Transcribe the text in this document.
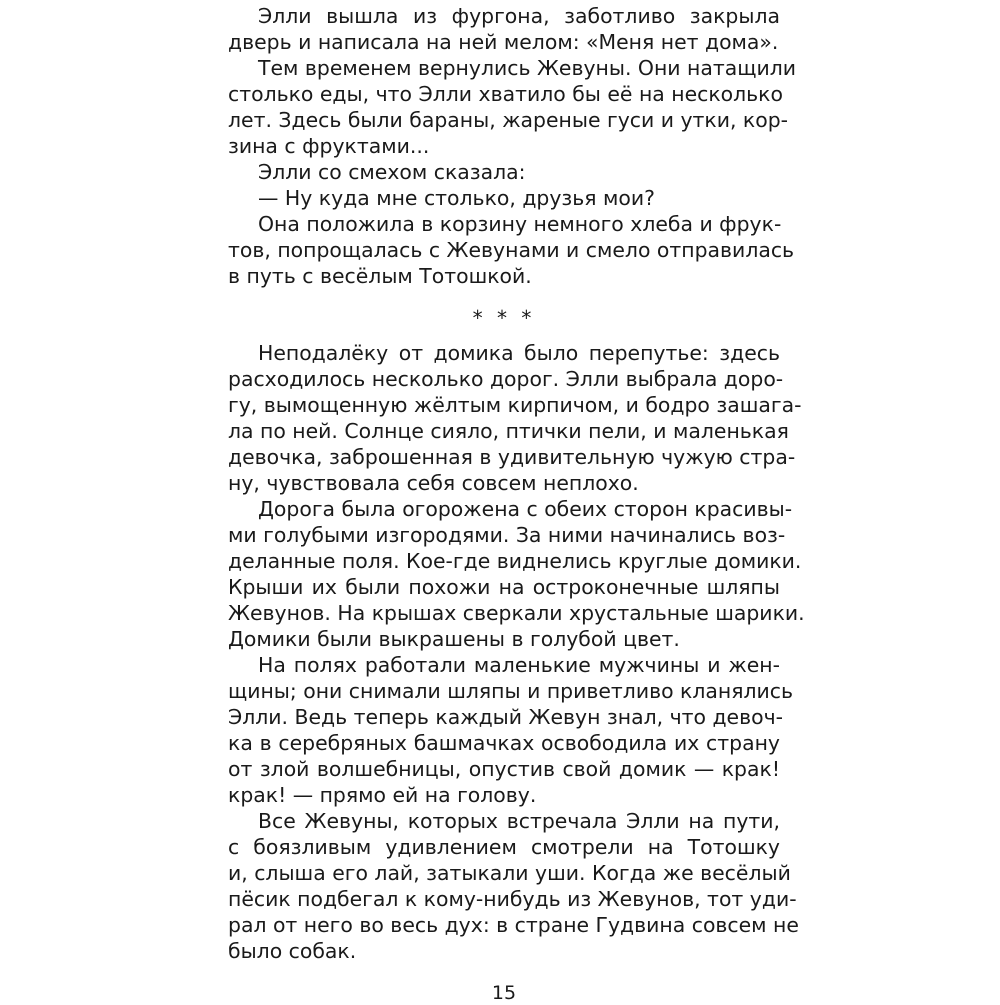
Элли вышла из фургона, заботливо закрыла
дверь и написала на ней мелом: «Меня нет дома».
Тем временем вернулись Жевуны. Они натащили
столько еды, что Элли хватило бы её на несколько
лет. Здесь были бараны, жареные гуси и утки, кор-
зина с фруктами...
Элли со смехом сказала:
— Ну куда мне столько, друзья мои?
Она положила в корзину немного хлеба и фрук-
тов, попрощалась с Жевунами и смело отправилась
в путь с весёлым Тотошкой.
* * *
Неподалёку от домика было перепутье: здесь
расходилось несколько дорог. Элли выбрала доро-
гу, вымощенную жёлтым кирпичом, и бодро зашага-
ла по ней. Солнце сияло, птички пели, и маленькая
девочка, заброшенная в удивительную чужую стра-
ну, чувствовала себя совсем неплохо.
Дорога была огорожена с обеих сторон красивы-
ми голубыми изгородями. За ними начинались воз-
деланные поля. Кое-где виднелись круглые домики.
Крыши их были похожи на остроконечные шляпы
Жевунов. На крышах сверкали хрустальные шарики.
Домики были выкрашены в голубой цвет.
На полях работали маленькие мужчины и жен-
щины; они снимали шляпы и приветливо кланялись
Элли. Ведь теперь каждый Жевун знал, что девоч-
ка в серебряных башмачках освободила их страну
от злой волшебницы, опустив свой домик — крак!
крак! — прямо ей на голову.
Все Жевуны, которых встречала Элли на пути,
с боязливым удивлением смотрели на Тотошку
и, слыша его лай, затыкали уши. Когда же весёлый
пёсик подбегал к кому-нибудь из Жевунов, тот уди-
рал от него во весь дух: в стране Гудвина совсем не
было собак.
15
